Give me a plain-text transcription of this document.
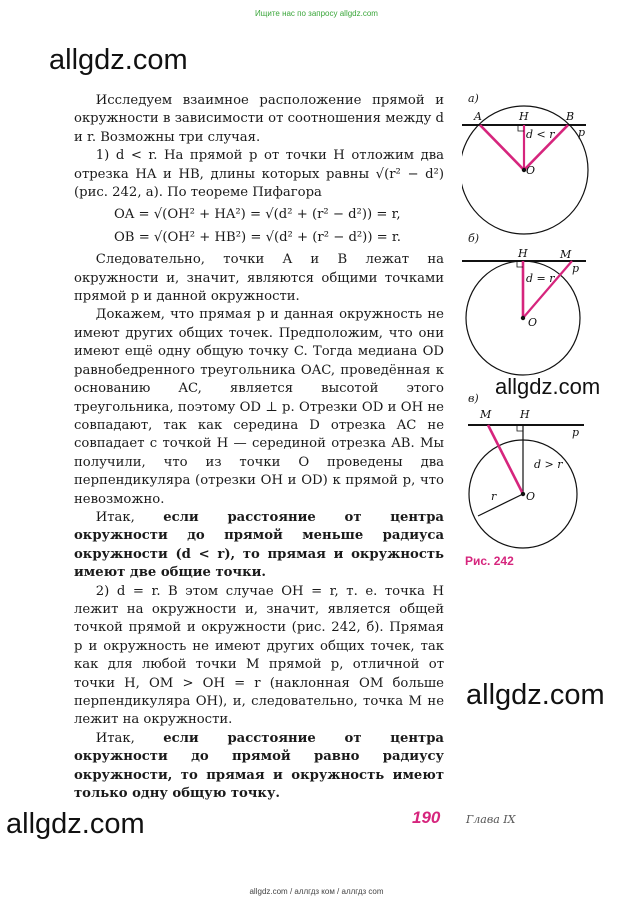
Ищите нас по запросу allgdz.com
allgdz.com
allgdz.com
allgdz.com
allgdz.com

Исследуем взаимное расположение прямой и окружности в зависимости от соотношения между d и r. Возможны три случая.

1) d < r. На прямой p от точки H отложим два отрезка HA и HB, длины которых равны √(r² − d²) (рис. 242, а). По теореме Пифагора

OA = √(OH² + HA²) = √(d² + (r² − d²)) = r,

OB = √(OH² + HB²) = √(d² + (r² − d²)) = r.

Следовательно, точки A и B лежат на окружности и, значит, являются общими точками прямой p и данной окружности.

Докажем, что прямая p и данная окружность не имеют других общих точек. Предположим, что они имеют ещё одну общую точку C. Тогда медиана OD равнобедренного треугольника OAC, проведённая к основанию AC, является высотой этого треугольника, поэтому OD ⊥ p. Отрезки OD и OH не совпадают, так как середина D отрезка AC не совпадает с точкой H — серединой отрезка AB. Мы получили, что из точки O проведены два перпендикуляра (отрезки OH и OD) к прямой p, что невозможно.

Итак, если расстояние от центра окружности до прямой меньше радиуса окружности (d < r), то прямая и окружность имеют две общие точки.

2) d = r. В этом случае OH = r, т. е. точка H лежит на окружности и, значит, является общей точкой прямой и окружности (рис. 242, б). Прямая p и окружность не имеют других общих точек, так как для любой точки M прямой p, отличной от точки H, OM > OH = r (наклонная OM больше перпендикуляра OH), и, следовательно, точка M не лежит на окружности.

Итак, если расстояние от центра окружности до прямой равно радиусу окружности, то прямая и окружность имеют только одну общую точку.

а)
A	H	B
p
d < r
O
б)
H	M
p
d = r
O
в)
M	H
p
d > r
O
r
Рис. 242
190 Глава IX
allgdz.com / аллгдз ком / аллгдз com
